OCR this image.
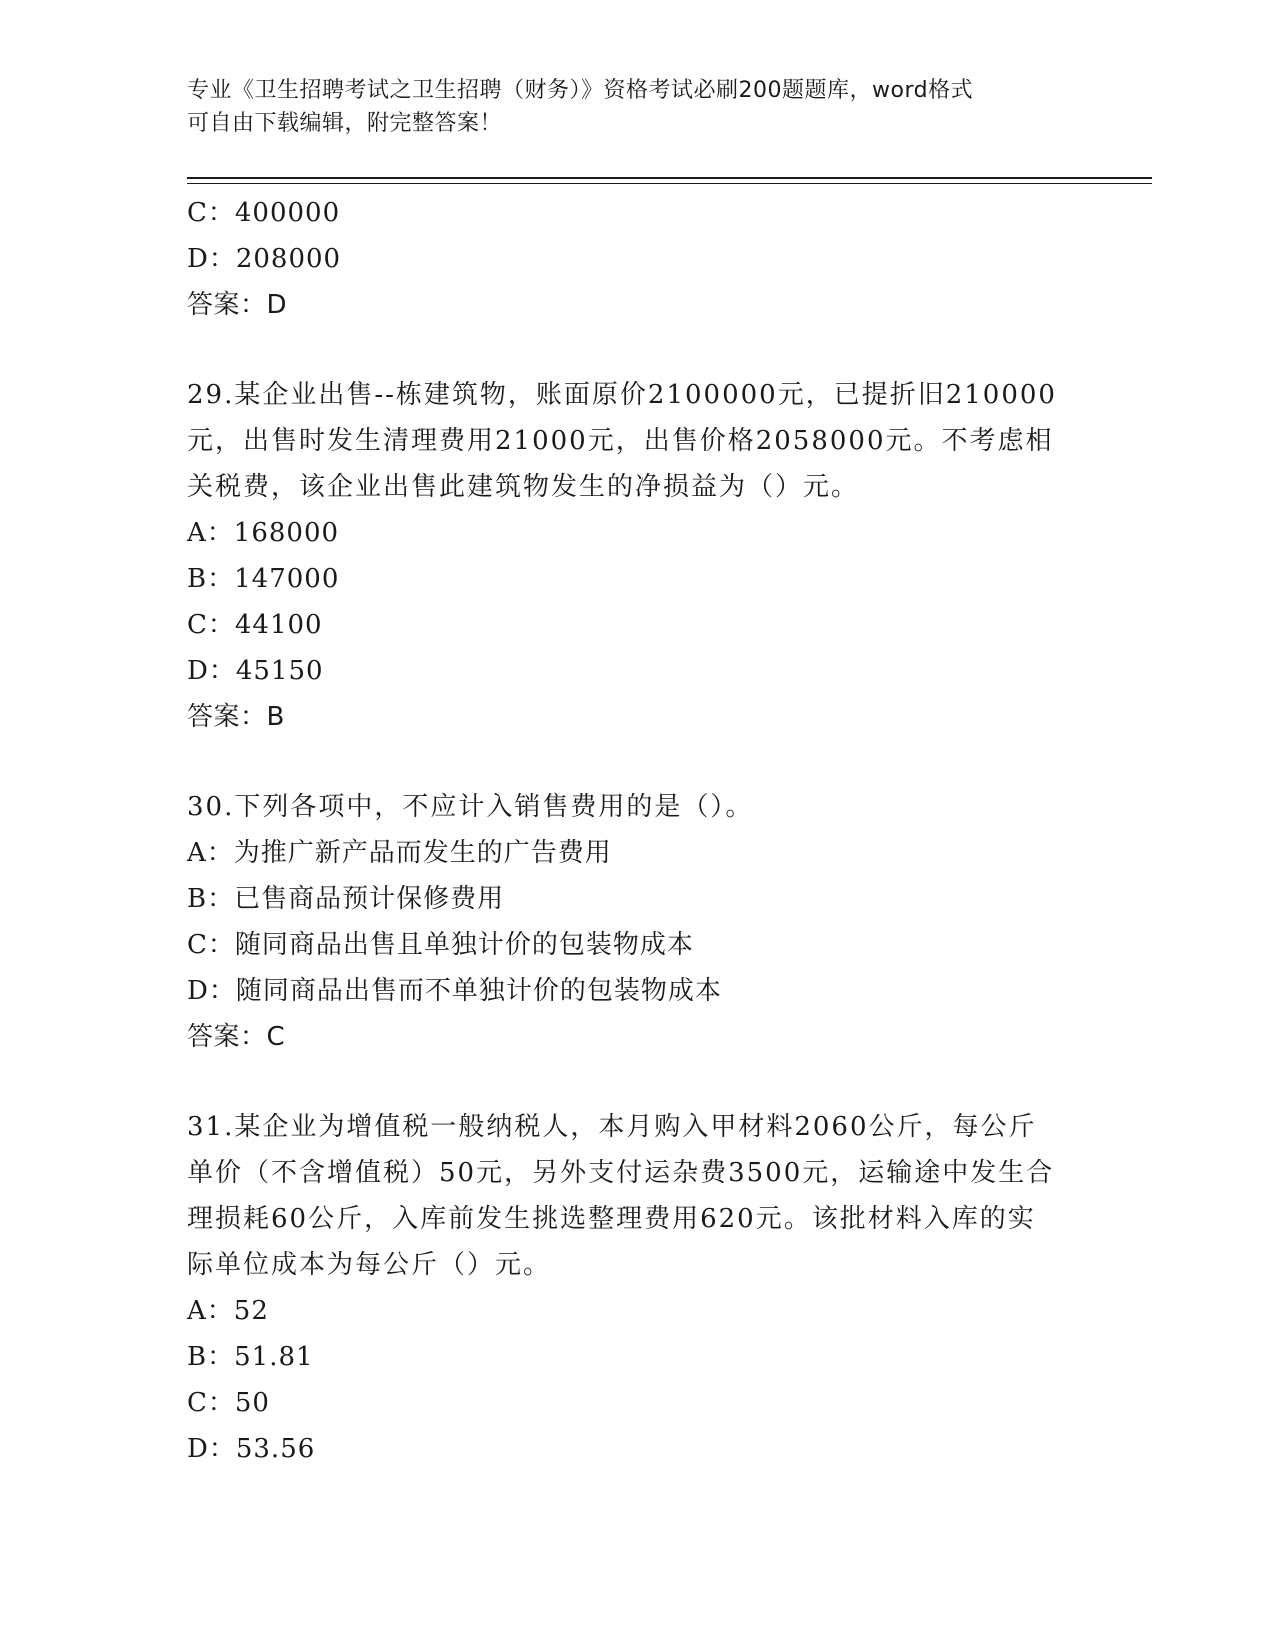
专业《卫生招聘考试之卫生招聘（财务）》资格考试必刷200题题库，word格式
可自由下载编辑，附完整答案！
C：400000
D：208000
答案：D
29.某企业出售--栋建筑物，账面原价2100000元，已提折旧210000
元，出售时发生清理费用21000元，出售价格2058000元。不考虑相
关税费，该企业出售此建筑物发生的净损益为（）元。
A：168000
B：147000
C：44100
D：45150
答案：B
30.下列各项中，不应计入销售费用的是（）。
A：为推广新产品而发生的广告费用
B：已售商品预计保修费用
C：随同商品出售且单独计价的包装物成本
D：随同商品出售而不单独计价的包装物成本
答案：C
31.某企业为增值税一般纳税人，本月购入甲材料2060公斤，每公斤
单价（不含增值税）50元，另外支付运杂费3500元，运输途中发生合
理损耗60公斤，入库前发生挑选整理费用620元。该批材料入库的实
际单位成本为每公斤（）元。
A：52
B：51.81
C：50
D：53.56
